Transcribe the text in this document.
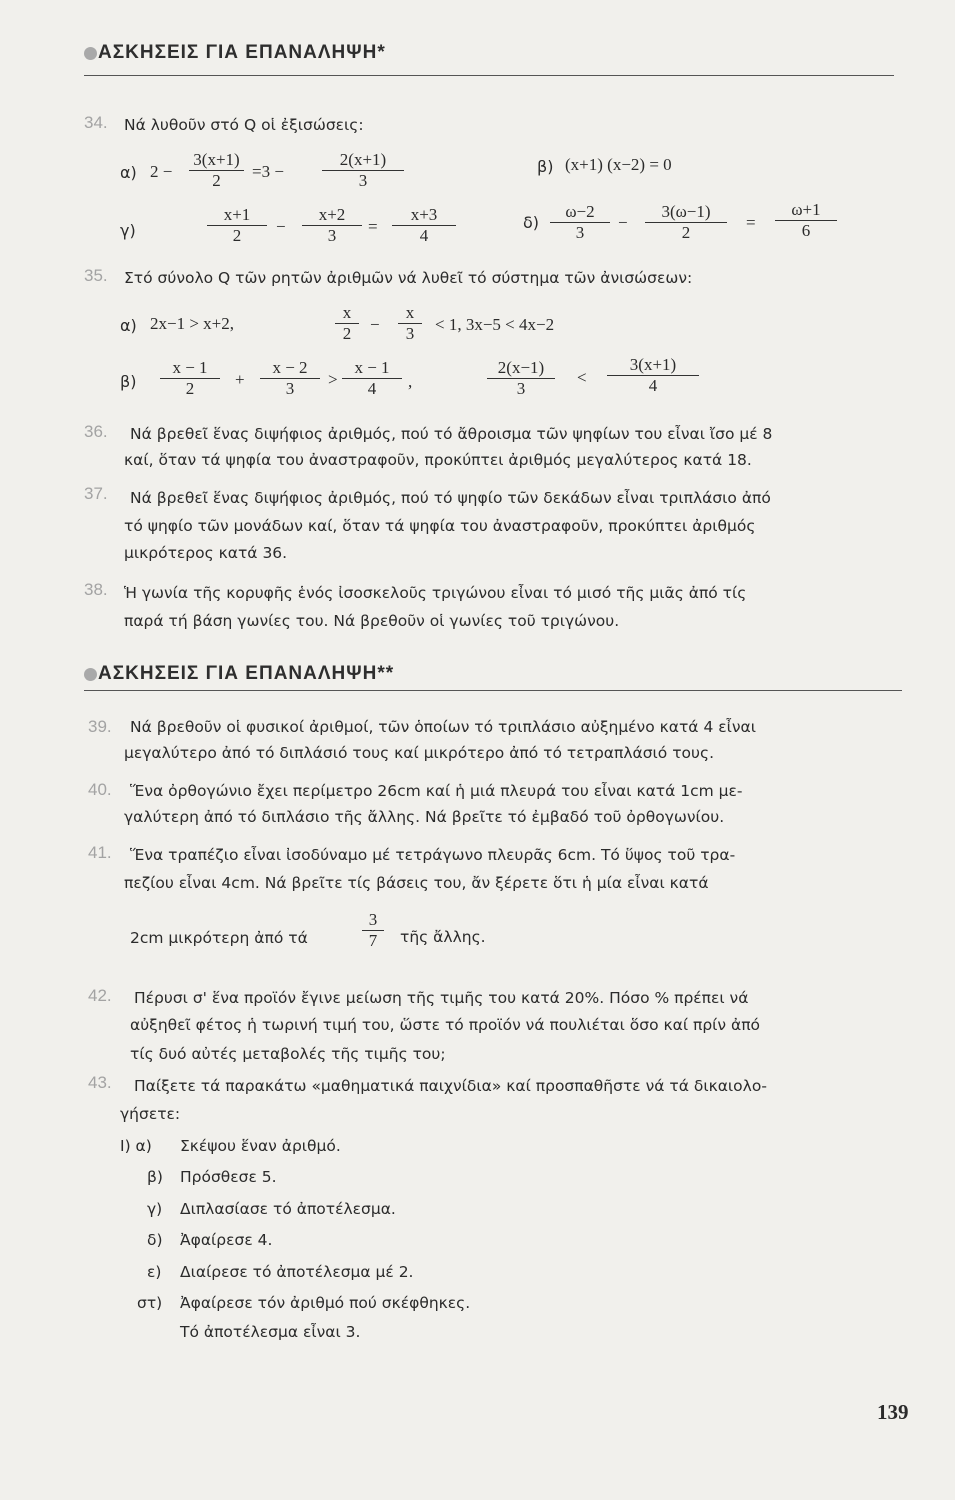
ΑΣΚΗΣΕΙΣ ΓΙΑ ΕΠΑΝΑΛΗΨΗ*
34. Νά λυθοῦν στό Q οἱ ἐξισώσεις:
α) 2 −
3(x+1)
2 =3 −
2(x+1)
3
β) (x+1) (x−2) = 0
γ)
x+1
2 −
x+2
3 =
x+3
4
δ)
ω−2
3
−
3(ω−1)
2
=
ω+1
6
35. Στό σύνολο Q τῶν ρητῶν ἀριθμῶν νά λυθεῖ τό σύστημα τῶν ἀνισώσεων:
α) 2x−1 > x+2,
x
2 −
x
3 < 1, 3x−5 < 4x−2
β)
x − 1
2 +
x − 2
3 >
x − 1
4 ,
2(x−1)
3
<
3(x+1)
4
36. Νά βρεθεῖ ἕνας διψήφιος ἀριθμός, πού τό ἄθροισμα τῶν ψηφίων του εἶναι ἴσο μέ 8
καί, ὅταν τά ψηφία του ἀναστραφοῦν, προκύπτει ἀριθμός μεγαλύτερος κατά 18.
37. Νά βρεθεῖ ἕνας διψήφιος ἀριθμός, πού τό ψηφίο τῶν δεκάδων εἶναι τριπλάσιο ἀπό
τό ψηφίο τῶν μονάδων καί, ὅταν τά ψηφία του ἀναστραφοῦν, προκύπτει ἀριθμός
μικρότερος κατά 36.
38. Ἡ γωνία τῆς κορυφῆς ἑνός ἰσοσκελοῦς τριγώνου εἶναι τό μισό τῆς μιᾶς ἀπό τίς
παρά τή βάση γωνίες του. Νά βρεθοῦν οἱ γωνίες τοῦ τριγώνου.
ΑΣΚΗΣΕΙΣ ΓΙΑ ΕΠΑΝΑΛΗΨΗ**
39. Νά βρεθοῦν οἱ φυσικοί ἀριθμοί, τῶν ὁποίων τό τριπλάσιο αὐξημένο κατά 4 εἶναι
μεγαλύτερο ἀπό τό διπλάσιό τους καί μικρότερο ἀπό τό τετραπλάσιό τους.
40. Ἕνα ὀρθογώνιο ἔχει περίμετρο 26cm καί ἡ μιά πλευρά του εἶναι κατά 1cm με-
γαλύτερη ἀπό τό διπλάσιο τῆς ἄλλης. Νά βρεῖτε τό ἐμβαδό τοῦ ὀρθογωνίου.
41. Ἕνα τραπέζιο εἶναι ἰσοδύναμο μέ τετράγωνο πλευρᾶς 6cm. Τό ὕψος τοῦ τρα-
πεζίου εἶναι 4cm. Νά βρεῖτε τίς βάσεις του, ἄν ξέρετε ὅτι ἡ μία εἶναι κατά
2cm μικρότερη ἀπό τά
3
7 τῆς ἄλλης.
42. Πέρυσι σ' ἕνα προϊόν ἔγινε μείωση τῆς τιμῆς του κατά 20%. Πόσο % πρέπει νά
αὐξηθεῖ φέτος ἡ τωρινή τιμή του, ὥστε τό προϊόν νά πουλιέται ὅσο καί πρίν ἀπό
τίς δυό αὐτές μεταβολές τῆς τιμῆς του;
43. Παίξετε τά παρακάτω «μαθηματικά παιχνίδια» καί προσπαθῆστε νά τά δικαιολο-
γήσετε:
I) α) Σκέψου ἕναν ἀριθμό.
β) Πρόσθεσε 5.
γ) Διπλασίασε τό ἀποτέλεσμα.
δ) Ἀφαίρεσε 4.
ε) Διαίρεσε τό ἀποτέλεσμα μέ 2.
στ) Ἀφαίρεσε τόν ἀριθμό πού σκέφθηκες.
Τό ἀποτέλεσμα εἶναι 3.
139
